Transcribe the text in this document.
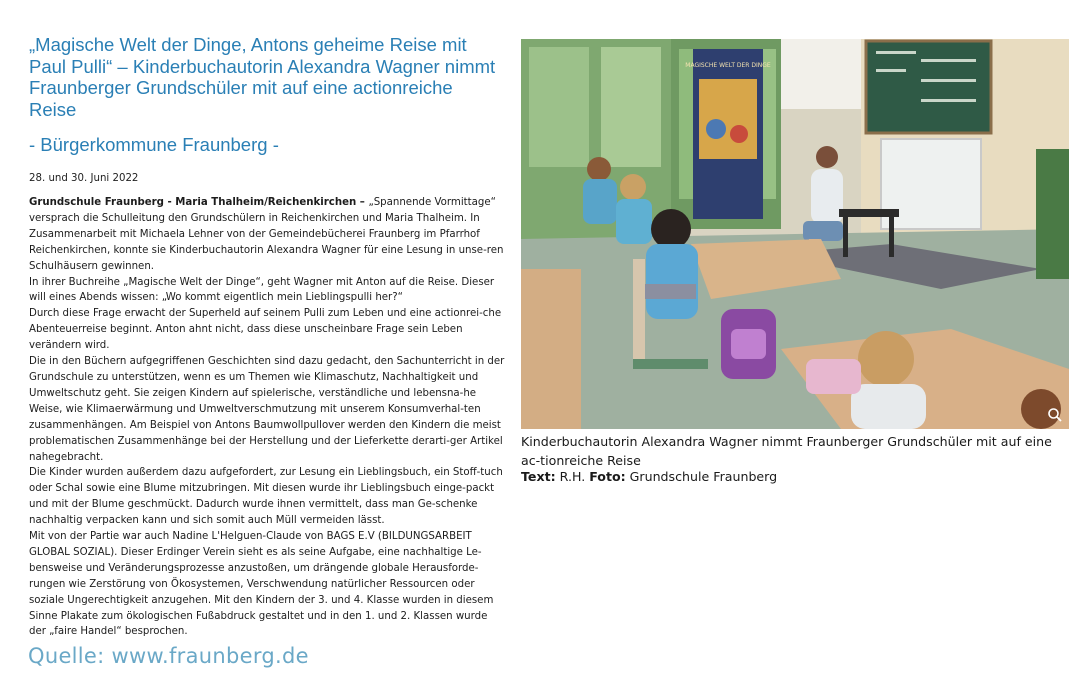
„Magische Welt der Dinge, Antons geheime Reise mit Paul Pulli“ – Kinderbuchautorin Alexandra Wagner nimmt Fraunberger Grundschüler mit auf eine actionreiche Reise
- Bürgerkommune Fraunberg -
28. und 30. Juni 2022

Grundschule Fraunberg - Maria Thalheim/Reichenkirchen – „Spannende Vormittage“ versprach die Schulleitung den Grundschülern in Reichenkirchen und Maria Thalheim. In Zusammenarbeit mit Michaela Lehner von der Gemeindebücherei Fraunberg im Pfarrhof Reichenkirchen, konnte sie Kinderbuchautorin Alexandra Wagner für eine Lesung in unse-ren Schulhäusern gewinnen.

In ihrer Buchreihe „Magische Welt der Dinge“, geht Wagner mit Anton auf die Reise. Dieser will eines Abends wissen: „Wo kommt eigentlich mein Lieblingspulli her?“

Durch diese Frage erwacht der Superheld auf seinem Pulli zum Leben und eine actionrei-che Abenteuerreise beginnt. Anton ahnt nicht, dass diese unscheinbare Frage sein Leben verändern wird.

Die in den Büchern aufgegriffenen Geschichten sind dazu gedacht, den Sachunterricht in der Grundschule zu unterstützen, wenn es um Themen wie Klimaschutz, Nachhaltigkeit und Umweltschutz geht. Sie zeigen Kindern auf spielerische, verständliche und lebensna-he Weise, wie Klimaerwärmung und Umweltverschmutzung mit unserem Konsumverhal-ten zusammenhängen. Am Beispiel von Antons Baumwollpullover werden den Kindern die meist problematischen Zusammenhänge bei der Herstellung und der Lieferkette derarti-ger Artikel nahegebracht.

Die Kinder wurden außerdem dazu aufgefordert, zur Lesung ein Lieblingsbuch, ein Stoff-tuch oder Schal sowie eine Blume mitzubringen. Mit diesen wurde ihr Lieblingsbuch einge-packt und mit der Blume geschmückt. Dadurch wurde ihnen vermittelt, dass man Ge-schenke nachhaltig verpacken kann und sich somit auch Müll vermeiden lässt.

Mit von der Partie war auch Nadine L'Helguen-Claude von BAGS E.V (BILDUNGSARBEIT GLOBAL SOZIAL). Dieser Erdinger Verein sieht es als seine Aufgabe, eine nachhaltige Le-bensweise und Veränderungsprozesse anzustoßen, um drängende globale Herausforde-rungen wie Zerstörung von Ökosystemen, Verschwendung natürlicher Ressourcen oder soziale Ungerechtigkeit anzugehen. Mit den Kindern der 3. und 4. Klasse wurden in diesem Sinne Plakate zum ökologischen Fußabdruck gestaltet und in den 1. und 2. Klassen wurde der „faire Handel“ besprochen.

Quelle: www.fraunberg.de
MAGISCHE WELT DER DINGE
Kinderbuchautorin Alexandra Wagner nimmt Fraunberger Grundschüler mit auf eine ac-tionreiche Reise
Text: R.H. Foto: Grundschule Fraunberg
